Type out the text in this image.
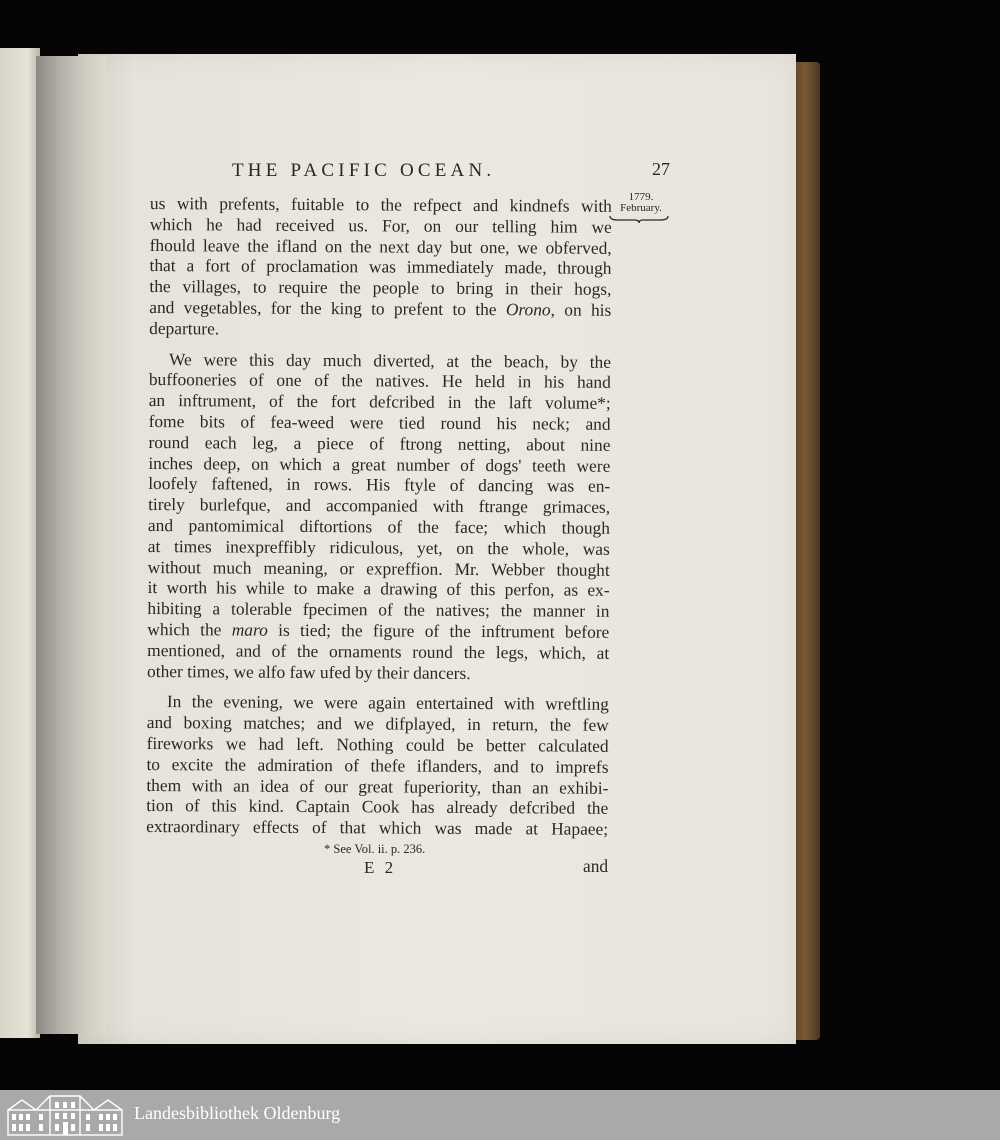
THE PACIFIC OCEAN.	27
1779.
February.
us with prefents, fuitable to the refpect and kindnefs with
which he had received us. For, on our telling him we
fhould leave the ifland on the next day but one, we obferved,
that a fort of proclamation was immediately made, through
the villages, to require the people to bring in their hogs,
and vegetables, for the king to prefent to the Orono, on his
departure.
We were this day much diverted, at the beach, by the
buffooneries of one of the natives. He held in his hand
an inftrument, of the fort defcribed in the laft volume*;
fome bits of fea-weed were tied round his neck; and
round each leg, a piece of ftrong netting, about nine
inches deep, on which a great number of dogs' teeth were
loofely faftened, in rows. His ftyle of dancing was en-
tirely burlefque, and accompanied with ftrange grimaces,
and pantomimical diftortions of the face; which though
at times inexpreffibly ridiculous, yet, on the whole, was
without much meaning, or expreffion. Mr. Webber thought
it worth his while to make a drawing of this perfon, as ex-
hibiting a tolerable fpecimen of the natives; the manner in
which the maro is tied; the figure of the inftrument before
mentioned, and of the ornaments round the legs, which, at
other times, we alfo faw ufed by their dancers.
In the evening, we were again entertained with wreftling
and boxing matches; and we difplayed, in return, the few
fireworks we had left. Nothing could be better calculated
to excite the admiration of thefe iflanders, and to imprefs
them with an idea of our great fuperiority, than an exhibi-
tion of this kind. Captain Cook has already defcribed the
extraordinary effects of that which was made at Hapaee;
* See Vol. ii. p. 236.
E 2	and
Landesbibliothek Oldenburg
